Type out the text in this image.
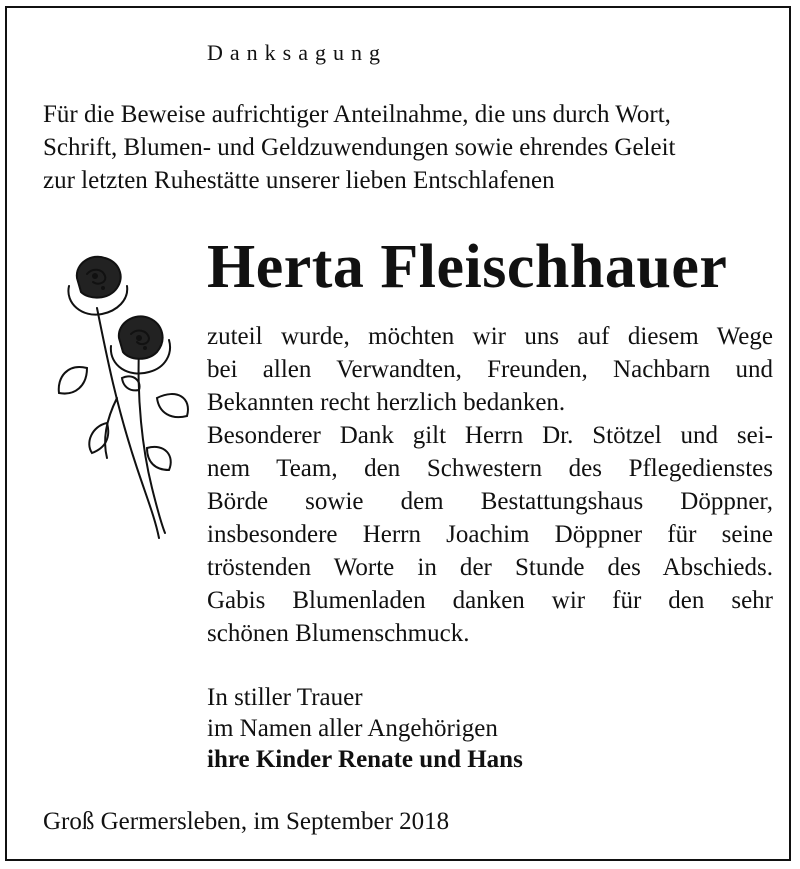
Danksagung
Für die Beweise aufrichtiger Anteilnahme, die uns durch Wort,
Schrift, Blumen- und Geldzuwendungen sowie ehrendes Geleit
zur letzten Ruhestätte unserer lieben Entschlafenen
Herta Fleischhauer
zuteil wurde, möchten wir uns auf diesem Wege
bei allen Verwandten, Freunden, Nachbarn und
Bekannten recht herzlich bedanken.
Besonderer Dank gilt Herrn Dr. Stötzel und sei-
nem Team, den Schwestern des Pflegedienstes
Börde sowie dem Bestattungshaus Döppner,
insbesondere Herrn Joachim Döppner für seine
tröstenden Worte in der Stunde des Abschieds.
Gabis Blumenladen danken wir für den sehr
schönen Blumenschmuck.
In stiller Trauer
im Namen aller Angehörigen
ihre Kinder Renate und Hans
Groß Germersleben, im September 2018
